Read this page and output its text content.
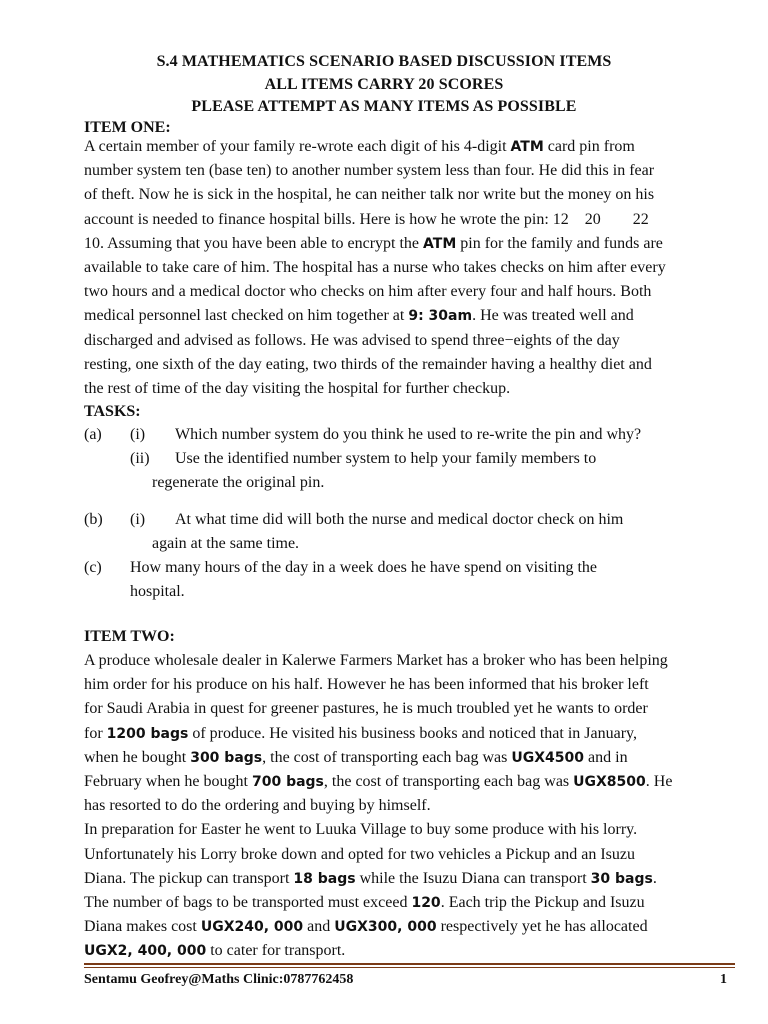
S.4 MATHEMATICS SCENARIO BASED DISCUSSION ITEMS
ALL ITEMS CARRY 20 SCORES
PLEASE ATTEMPT AS MANY ITEMS AS POSSIBLE
ITEM ONE:
A certain member of your family re-wrote each digit of his 4-digit ATM card pin from
number system ten (base ten) to another number system less than four. He did this in fear
of theft. Now he is sick in the hospital, he can neither talk nor write but the money on his
account is needed to finance hospital bills. Here is how he wrote the pin: 12    20        22
10. Assuming that you have been able to encrypt the ATM pin for the family and funds are
available to take care of him. The hospital has a nurse who takes checks on him after every
two hours and a medical doctor who checks on him after every four and half hours. Both
medical personnel last checked on him together at 9: 30am. He was treated well and
discharged and advised as follows. He was advised to spend three−eights of the day
resting, one sixth of the day eating, two thirds of the remainder having a healthy diet and
the rest of time of the day visiting the hospital for further checkup.
TASKS:
(a) (i) Which number system do you think he used to re-write the pin and why?
(ii) Use the identified number system to help your family members to
regenerate the original pin.
(b) (i) At what time did will both the nurse and medical doctor check on him
again at the same time.
(c) How many hours of the day in a week does he have spend on visiting the
hospital.
ITEM TWO:
A produce wholesale dealer in Kalerwe Farmers Market has a broker who has been helping
him order for his produce on his half. However he has been informed that his broker left
for Saudi Arabia in quest for greener pastures, he is much troubled yet he wants to order
for 1200 bags of produce. He visited his business books and noticed that in January,
when he bought 300 bags, the cost of transporting each bag was UGX4500 and in
February when he bought 700 bags, the cost of transporting each bag was UGX8500. He
has resorted to do the ordering and buying by himself.
In preparation for Easter he went to Luuka Village to buy some produce with his lorry.
Unfortunately his Lorry broke down and opted for two vehicles a Pickup and an Isuzu
Diana. The pickup can transport 18 bags while the Isuzu Diana can transport 30 bags.
The number of bags to be transported must exceed 120. Each trip the Pickup and Isuzu
Diana makes cost UGX240, 000 and UGX300, 000 respectively yet he has allocated
UGX2, 400, 000 to cater for transport.
Sentamu Geofrey@Maths Clinic:0787762458	1
